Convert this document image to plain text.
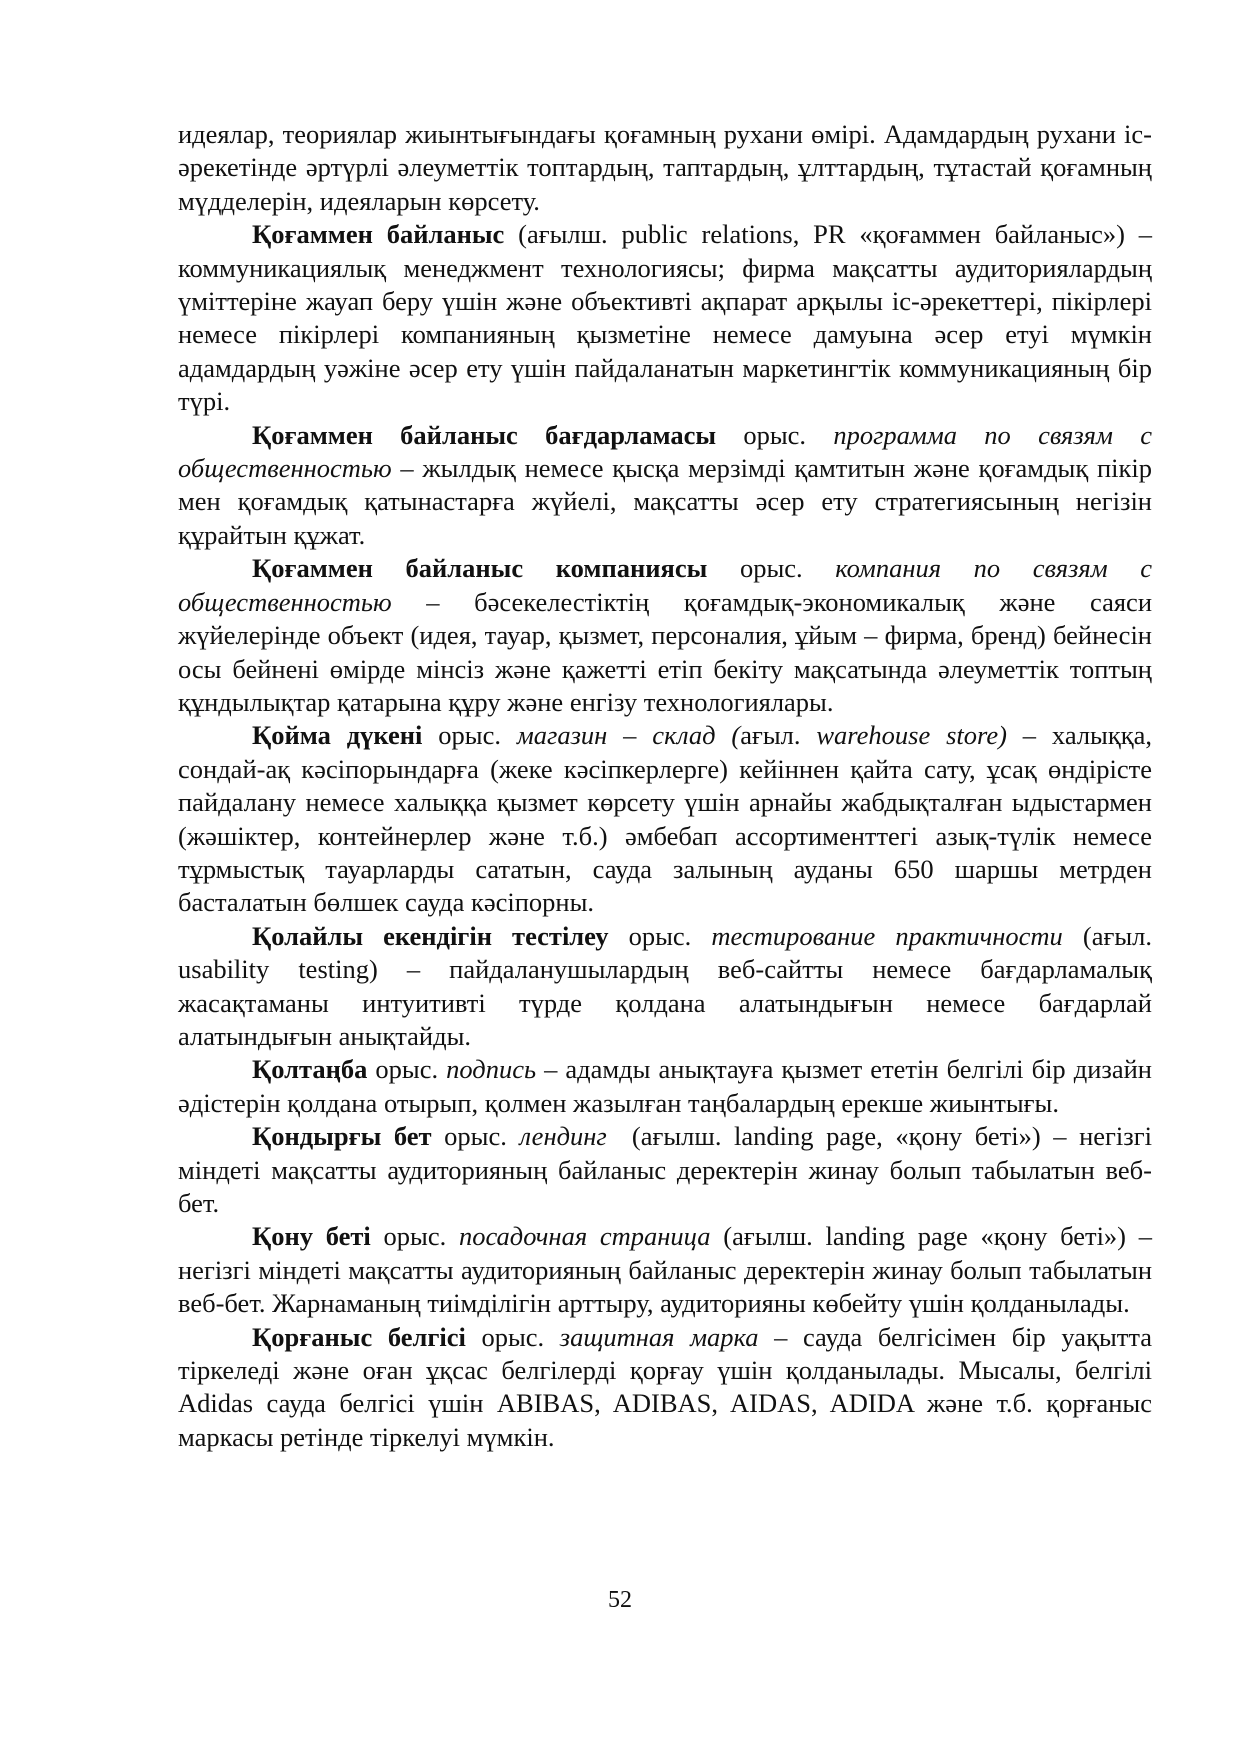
идеялар, теориялар жиынтығындағы қоғамның рухани өмірі. Адамдардың рухани іс-әрекетінде әртүрлі әлеуметтік топтардың, таптардың, ұлттардың, тұтастай қоғамның мүдделерін, идеяларын көрсету.

Қоғаммен байланыс (ағылш. public relations, PR «қоғаммен байланыс») – коммуникациялық менеджмент технологиясы; фирма мақсатты аудиториялардың үміттеріне жауап беру үшін және объективті ақпарат арқылы іс-әрекеттері, пікірлері немесе пікірлері компанияның қызметіне немесе дамуына әсер етуі мүмкін адамдардың уәжіне әсер ету үшін пайдаланатын маркетингтік коммуникацияның бір түрі.

Қоғаммен байланыс бағдарламасы орыс. программа по связям с общественностью – жылдық немесе қысқа мерзімді қамтитын және қоғамдық пікір мен қоғамдық қатынастарға жүйелі, мақсатты әсер ету стратегиясының негізін құрайтын құжат.

Қоғаммен байланыс компаниясы орыс. компания по связям с общественностью – бәсекелестіктің қоғамдық-экономикалық және саяси жүйелерінде объект (идея, тауар, қызмет, персоналия, ұйым – фирма, бренд) бейнесін осы бейнені өмірде мінсіз және қажетті етіп бекіту мақсатында әлеуметтік топтың құндылықтар қатарына құру және енгізу технологиялары.

Қойма дүкені орыс. магазин – склад (ағыл. warehouse store) – халыққа, сондай-ақ кәсіпорындарға (жеке кәсіпкерлерге) кейіннен қайта сату, ұсақ өндірісте пайдалану немесе халыққа қызмет көрсету үшін арнайы жабдықталған ыдыстармен (жәшіктер, контейнерлер және т.б.) әмбебап ассортименттегі азық-түлік немесе тұрмыстық тауарларды сататын, сауда залының ауданы 650 шаршы метрден басталатын бөлшек сауда кәсіпорны.

Қолайлы екендігін тестілеу орыс. тестирование практичности (ағыл. usability testing) – пайдаланушылардың веб-сайтты немесе бағдарламалық жасақтаманы интуитивті түрде қолдана алатындығын немесе бағдарлай алатындығын анықтайды.

Қолтаңба орыс. подпись – адамды анықтауға қызмет ететін белгілі бір дизайн әдістерін қолдана отырып, қолмен жазылған таңбалардың ерекше жиынтығы.

Қондырғы бет орыс. лендинг  (ағылш. landing page, «қону беті») – негізгі міндеті мақсатты аудиторияның байланыс деректерін жинау болып табылатын веб-бет.

Қону беті орыс. посадочная страница (ағылш. landing page «қону беті») – негізгі міндеті мақсатты аудиторияның байланыс деректерін жинау болып табылатын веб-бет. Жарнаманың тиімділігін арттыру, аудиторияны көбейту үшін қолданылады.

Қорғаныс белгісі орыс. защитная марка – сауда белгісімен бір уақытта тіркеледі және оған ұқсас белгілерді қорғау үшін қолданылады. Мысалы, белгілі Adidas сауда белгісі үшін ABIBAS, ADIBAS, AIDAS, ADIDA және т.б. қорғаныс маркасы ретінде тіркелуі мүмкін.

52
